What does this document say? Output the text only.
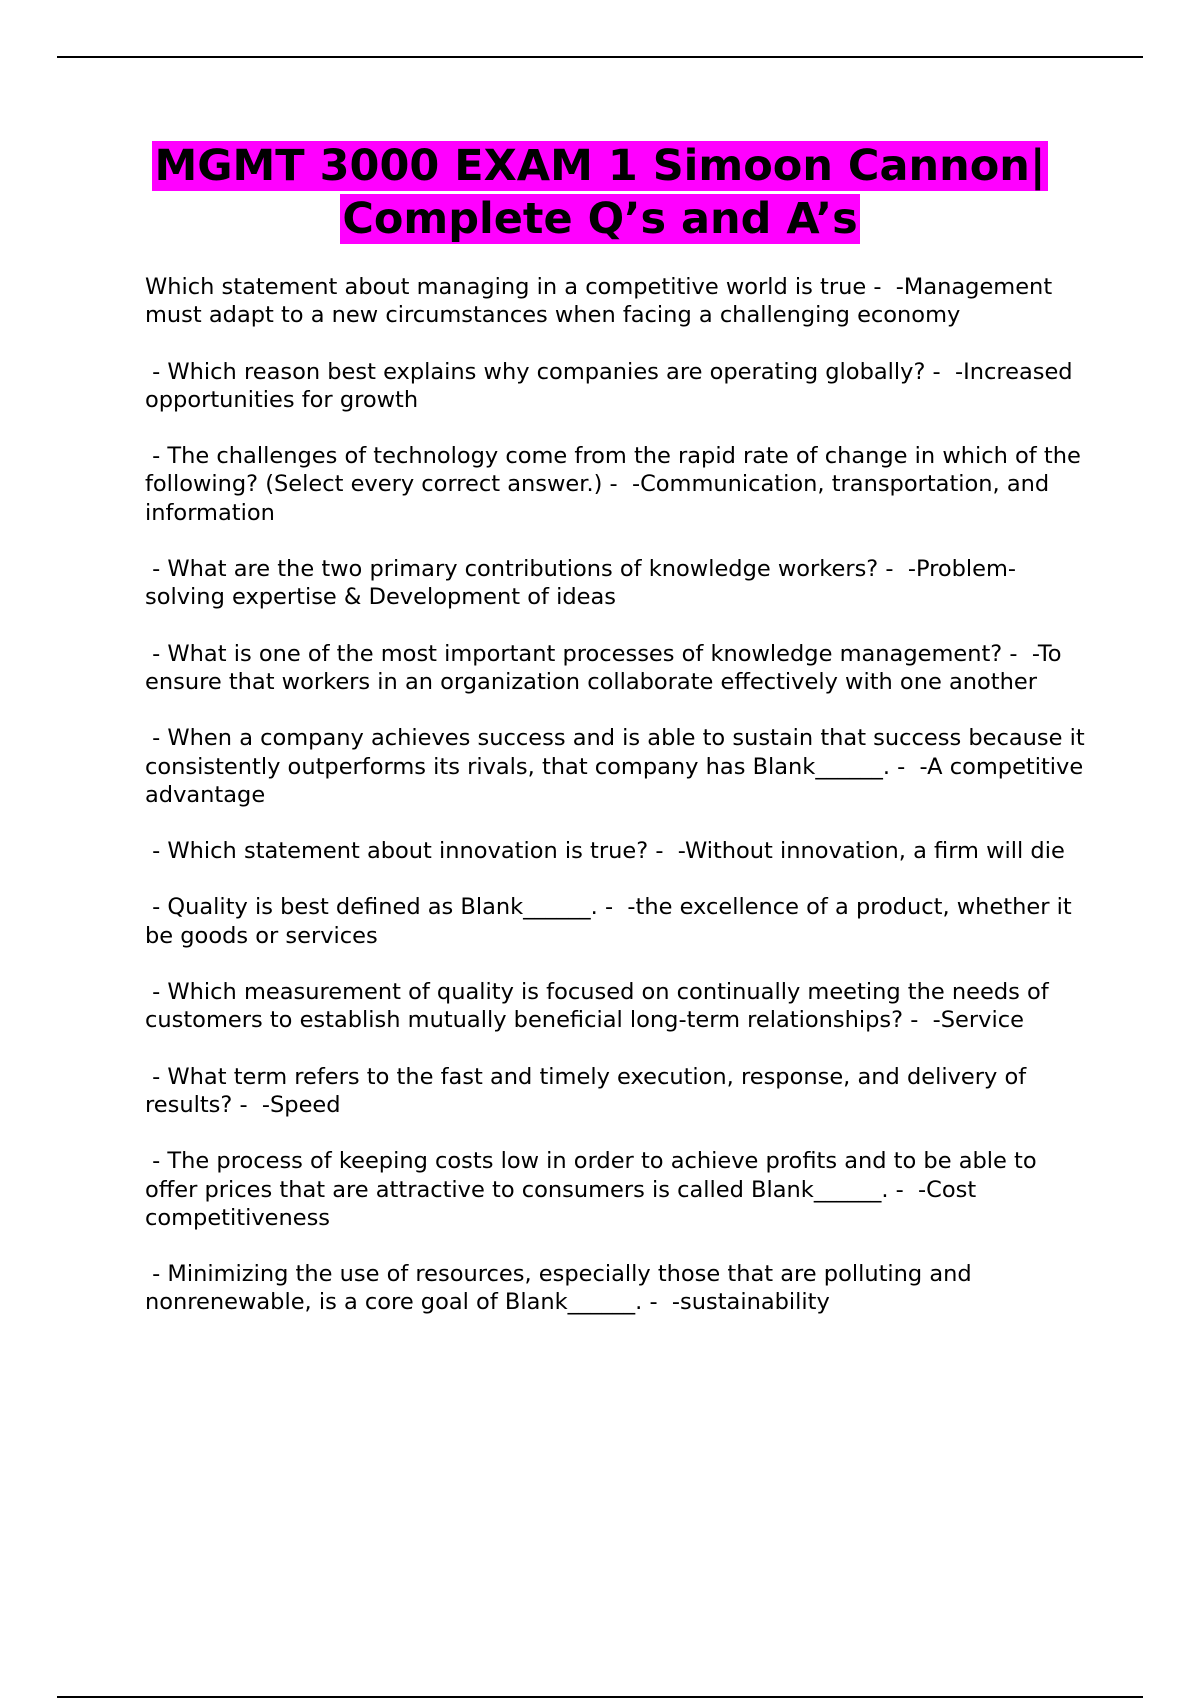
MGMT 3000 EXAM 1 Simoon Cannon|
Complete Q’s and A’s
Which statement about managing in a competitive world is true -  -Management must adapt to a new circumstances when facing a challenging economy
- Which reason best explains why companies are operating globally? -  -Increased opportunities for growth
- The challenges of technology come from the rapid rate of change in which of the following? (Select every correct answer.) -  -Communication, transportation, and information
- What are the two primary contributions of knowledge workers? -  -Problem-solving expertise & Development of ideas
- What is one of the most important processes of knowledge management? -  -To ensure that workers in an organization collaborate effectively with one another
- When a company achieves success and is able to sustain that success because it consistently outperforms its rivals, that company has Blank______. -  -A competitive advantage
- Which statement about innovation is true? -  -Without innovation, a firm will die
- Quality is best defined as Blank______. -  -the excellence of a product, whether it be goods or services
- Which measurement of quality is focused on continually meeting the needs of customers to establish mutually beneficial long-term relationships? -  -Service
- What term refers to the fast and timely execution, response, and delivery of results? -  -Speed
- The process of keeping costs low in order to achieve profits and to be able to offer prices that are attractive to consumers is called Blank______. -  -Cost competitiveness
- Minimizing the use of resources, especially those that are polluting and nonrenewable, is a core goal of Blank______. -  -sustainability
